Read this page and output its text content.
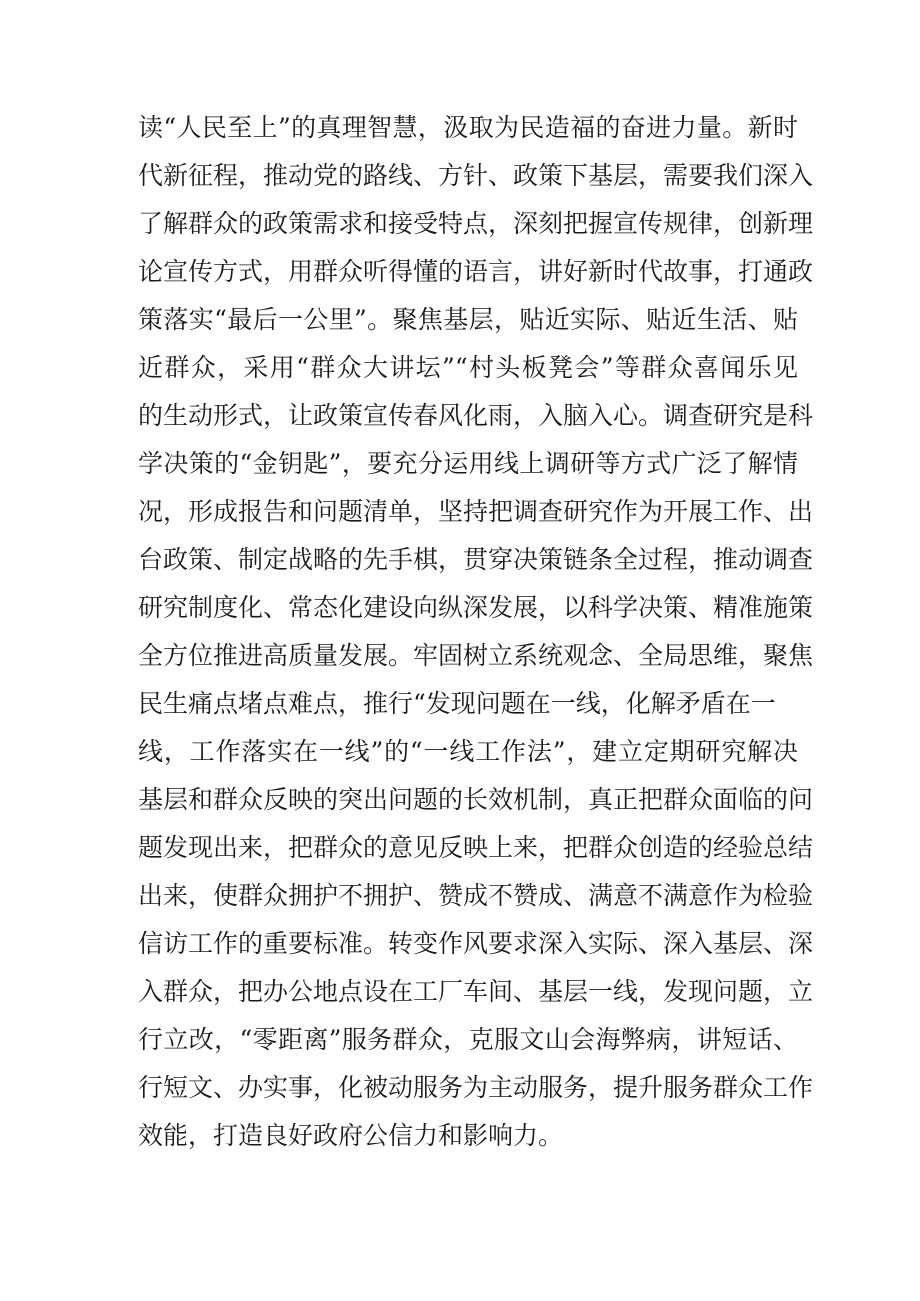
读“人民至上”的真理智慧，汲取为民造福的奋进力量。新时
代新征程，推动党的路线、方针、政策下基层，需要我们深入
了解群众的政策需求和接受特点，深刻把握宣传规律，创新理
论宣传方式，用群众听得懂的语言，讲好新时代故事，打通政
策落实“最后一公里”。聚焦基层，贴近实际、贴近生活、贴
近群众，采用“群众大讲坛”“村头板凳会”等群众喜闻乐见
的生动形式，让政策宣传春风化雨，入脑入心。调查研究是科
学决策的“金钥匙”，要充分运用线上调研等方式广泛了解情
况，形成报告和问题清单，坚持把调查研究作为开展工作、出
台政策、制定战略的先手棋，贯穿决策链条全过程，推动调查
研究制度化、常态化建设向纵深发展，以科学决策、精准施策
全方位推进高质量发展。牢固树立系统观念、全局思维，聚焦
民生痛点堵点难点，推行“发现问题在一线，化解矛盾在一
线，工作落实在一线”的“一线工作法”，建立定期研究解决
基层和群众反映的突出问题的长效机制，真正把群众面临的问
题发现出来，把群众的意见反映上来，把群众创造的经验总结
出来，使群众拥护不拥护、赞成不赞成、满意不满意作为检验
信访工作的重要标准。转变作风要求深入实际、深入基层、深
入群众，把办公地点设在工厂车间、基层一线，发现问题，立
行立改，“零距离”服务群众，克服文山会海弊病，讲短话、
行短文、办实事，化被动服务为主动服务，提升服务群众工作
效能，打造良好政府公信力和影响力。
